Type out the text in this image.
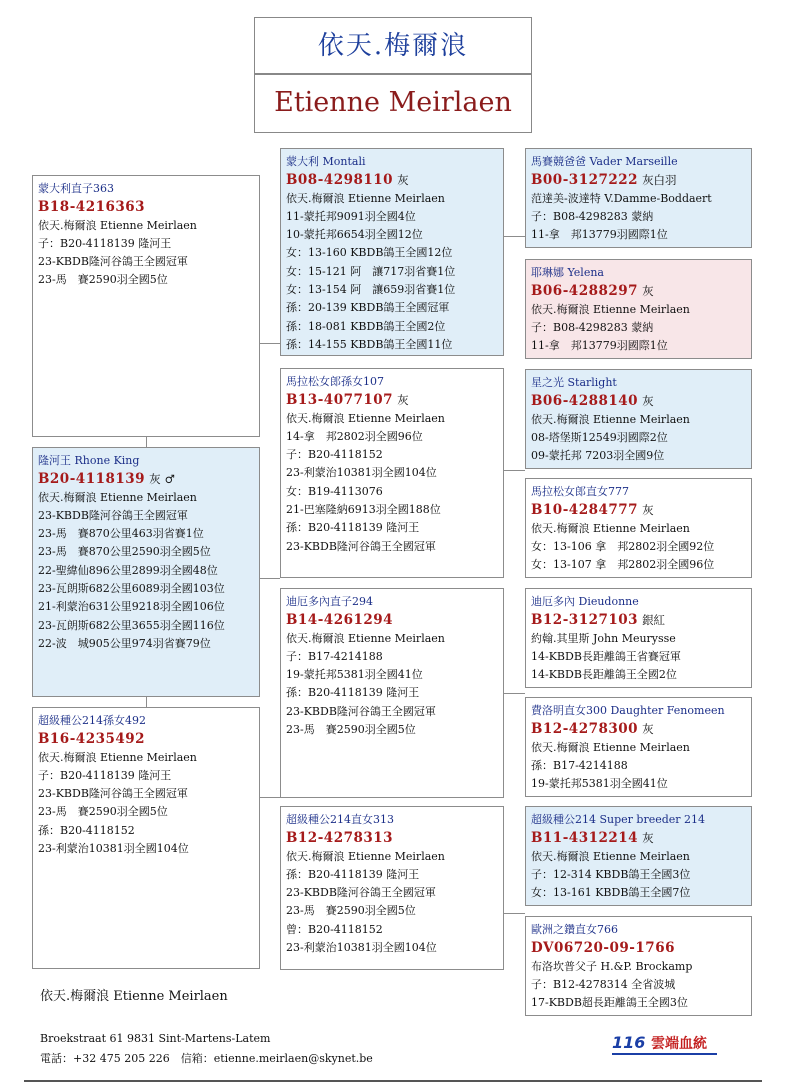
依天.梅爾浪
Etienne Meirlaen
蒙大利直子363
B18-4216363
依天.梅爾浪 Etienne Meirlaen
子：B20-4118139 隆河王
23-KBDB隆河谷鴿王全國冠軍
23-馬　賽2590羽全國5位
隆河王 Rhone King
B20-4118139 灰 ♂
依天.梅爾浪 Etienne Meirlaen
23-KBDB隆河谷鴿王全國冠軍
23-馬　賽870公里463羽省賽1位
23-馬　賽870公里2590羽全國5位
22-聖緯仙896公里2899羽全國48位
23-瓦朗斯682公里6089羽全國103位
21-利蒙治631公里9218羽全國106位
23-瓦朗斯682公里3655羽全國116位
22-波　城905公里974羽省賽79位
超級種公214孫女492
B16-4235492
依天.梅爾浪 Etienne Meirlaen
子：B20-4118139 隆河王
23-KBDB隆河谷鴿王全國冠軍
23-馬　賽2590羽全國5位
孫：B20-4118152
23-利蒙治10381羽全國104位
蒙大利 Montali
B08-4298110 灰
依天.梅爾浪 Etienne Meirlaen
11-蒙托邦9091羽全國4位
10-蒙托邦6654羽全國12位
女：13-160 KBDB鴿王全國12位
女：15-121 阿　讓717羽省賽1位
女：13-154 阿　讓659羽省賽1位
孫：20-139 KBDB鴿王全國冠軍
孫：18-081 KBDB鴿王全國2位
孫：14-155 KBDB鴿王全國11位
馬拉松女郎孫女107
B13-4077107 灰
依天.梅爾浪 Etienne Meirlaen
14-拿　邦2802羽全國96位
子：B20-4118152
23-利蒙治10381羽全國104位
女：B19-4113076
21-巴塞隆納6913羽全國188位
孫：B20-4118139 隆河王
23-KBDB隆河谷鴿王全國冠軍
迪厄多內直子294
B14-4261294
依天.梅爾浪 Etienne Meirlaen
子：B17-4214188
19-蒙托邦5381羽全國41位
孫：B20-4118139 隆河王
23-KBDB隆河谷鴿王全國冠軍
23-馬　賽2590羽全國5位
超級種公214直女313
B12-4278313
依天.梅爾浪 Etienne Meirlaen
孫：B20-4118139 隆河王
23-KBDB隆河谷鴿王全國冠軍
23-馬　賽2590羽全國5位
曾：B20-4118152
23-利蒙治10381羽全國104位
馬賽競爸爸 Vader Marseille
B00-3127222 灰白羽
范達美-波達特 V.Damme-Boddaert
子：B08-4298283 蒙納
11-拿　邦13779羽國際1位
耶琳娜 Yelena
B06-4288297 灰
依天.梅爾浪 Etienne Meirlaen
子：B08-4298283 蒙納
11-拿　邦13779羽國際1位
星之光 Starlight
B06-4288140 灰
依天.梅爾浪 Etienne Meirlaen
08-塔堡斯12549羽國際2位
09-蒙托邦 7203羽全國9位
馬拉松女郎直女777
B10-4284777 灰
依天.梅爾浪 Etienne Meirlaen
女：13-106 拿　邦2802羽全國92位
女：13-107 拿　邦2802羽全國96位
迪厄多內 Dieudonne
B12-3127103 銀紅
約翰.其里斯 John Meurysse
14-KBDB長距離鴿王省賽冠軍
14-KBDB長距離鴿王全國2位
費洛明直女300 Daughter Fenomeen
B12-4278300 灰
依天.梅爾浪 Etienne Meirlaen
孫：B17-4214188
19-蒙托邦5381羽全國41位
超級種公214 Super breeder 214
B11-4312214 灰
依天.梅爾浪 Etienne Meirlaen
子：12-314 KBDB鴿王全國3位
女：13-161 KBDB鴿王全國7位
歐洲之鑽直女766
DV06720-09-1766
布洛坎普父子 H.&P. Brockamp
子：B12-4278314 全省波城
17-KBDB超長距離鴿王全國3位
依天.梅爾浪 Etienne Meirlaen
Broekstraat 61 9831 Sint-Martens-Latem
電話：+32 475 205 226　信箱：etienne.meirlaen@skynet.be
116 雲端血統
